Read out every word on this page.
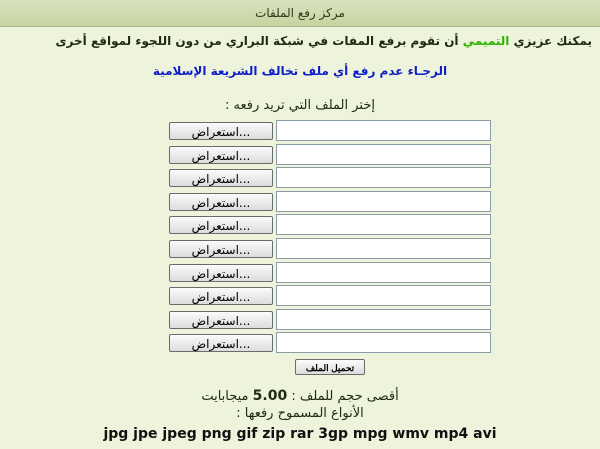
مركز رفع الملفات
يمكنك عزيزي التميمي أن تقوم برفع المفات في شبكة البراري من دون اللجوء لمواقع أخرى
الرجـاء عدم رفع أي ملف تخالف الشريعة الإسلامية
إختر الملف التي تريد رفعه :
استعراض...
استعراض...
استعراض...
استعراض...
استعراض...
استعراض...
استعراض...
استعراض...
استعراض...
استعراض...
تحميل الملف
أقصى حجم للملف : 5.00 ميجابايت
الأنواع المسموح رفعها :
jpg jpe jpeg png gif zip rar 3gp mpg wmv mp4 avi
